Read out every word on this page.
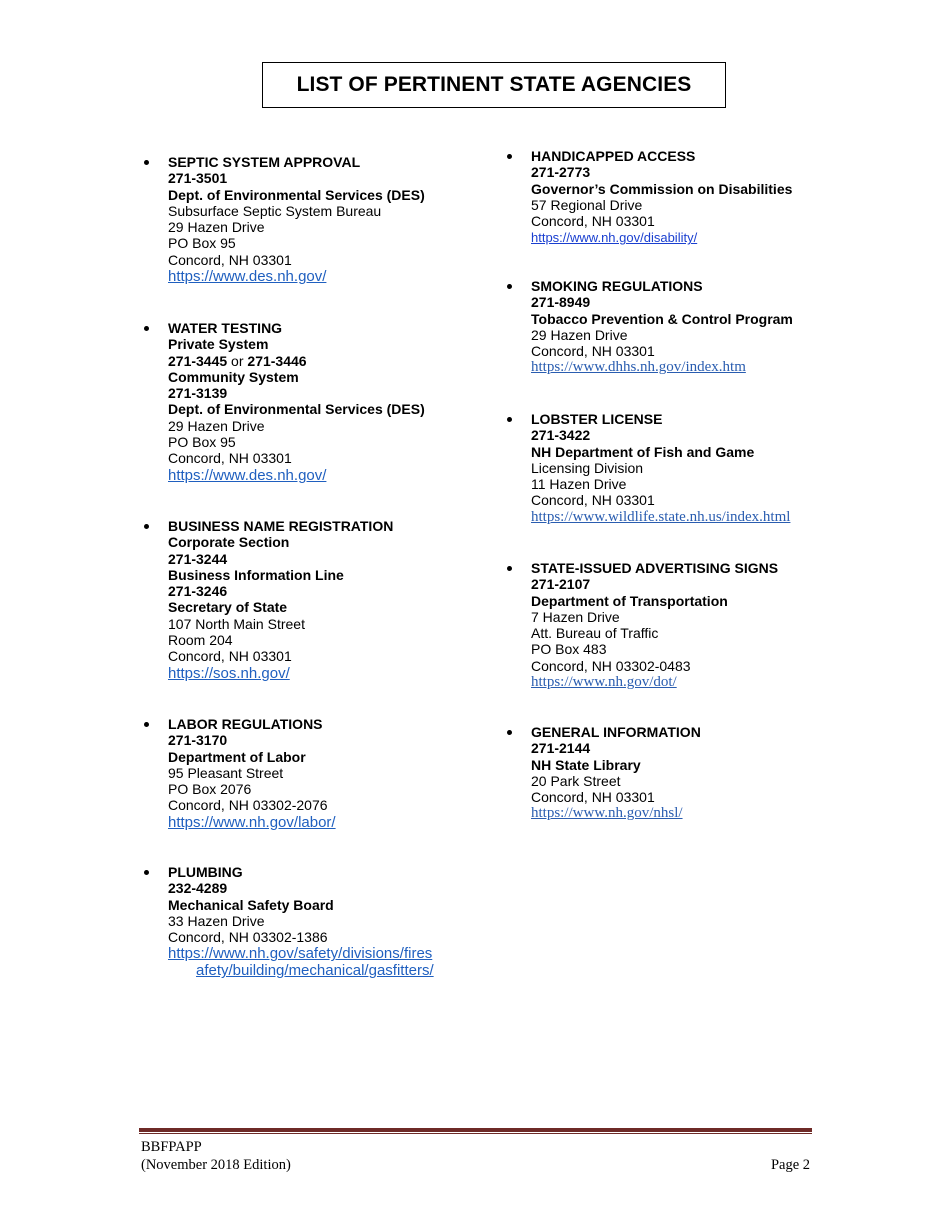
LIST OF PERTINENT STATE AGENCIES
SEPTIC SYSTEM APPROVAL
271-3501
Dept. of Environmental Services (DES)
Subsurface Septic System Bureau
29 Hazen Drive
PO Box 95
Concord, NH 03301
https://www.des.nh.gov/
WATER TESTING
Private System
271-3445 or 271-3446
Community System
271-3139
Dept. of Environmental Services (DES)
29 Hazen Drive
PO Box 95
Concord, NH 03301
https://www.des.nh.gov/
BUSINESS NAME REGISTRATION
Corporate Section
271-3244
Business Information Line
271-3246
Secretary of State
107 North Main Street
Room 204
Concord, NH 03301
https://sos.nh.gov/
LABOR REGULATIONS
271-3170
Department of Labor
95 Pleasant Street
PO Box 2076
Concord, NH 03302-2076
https://www.nh.gov/labor/
PLUMBING
232-4289
Mechanical Safety Board
33 Hazen Drive
Concord, NH 03302-1386
https://www.nh.gov/safety/divisions/fires
afety/building/mechanical/gasfitters/
HANDICAPPED ACCESS
271-2773
Governor’s Commission on Disabilities
57 Regional Drive
Concord, NH 03301
https://www.nh.gov/disability/
SMOKING REGULATIONS
271-8949
Tobacco Prevention & Control Program
29 Hazen Drive
Concord, NH 03301
https://www.dhhs.nh.gov/index.htm
LOBSTER LICENSE
271-3422
NH Department of Fish and Game
Licensing Division
11 Hazen Drive
Concord, NH 03301
https://www.wildlife.state.nh.us/index.html
STATE-ISSUED ADVERTISING SIGNS
271-2107
Department of Transportation
7 Hazen Drive
Att. Bureau of Traffic
PO Box 483
Concord, NH 03302-0483
https://www.nh.gov/dot/
GENERAL INFORMATION
271-2144
NH State Library
20 Park Street
Concord, NH 03301
https://www.nh.gov/nhsl/
BBFPAPP
(November 2018 Edition)	Page 2
